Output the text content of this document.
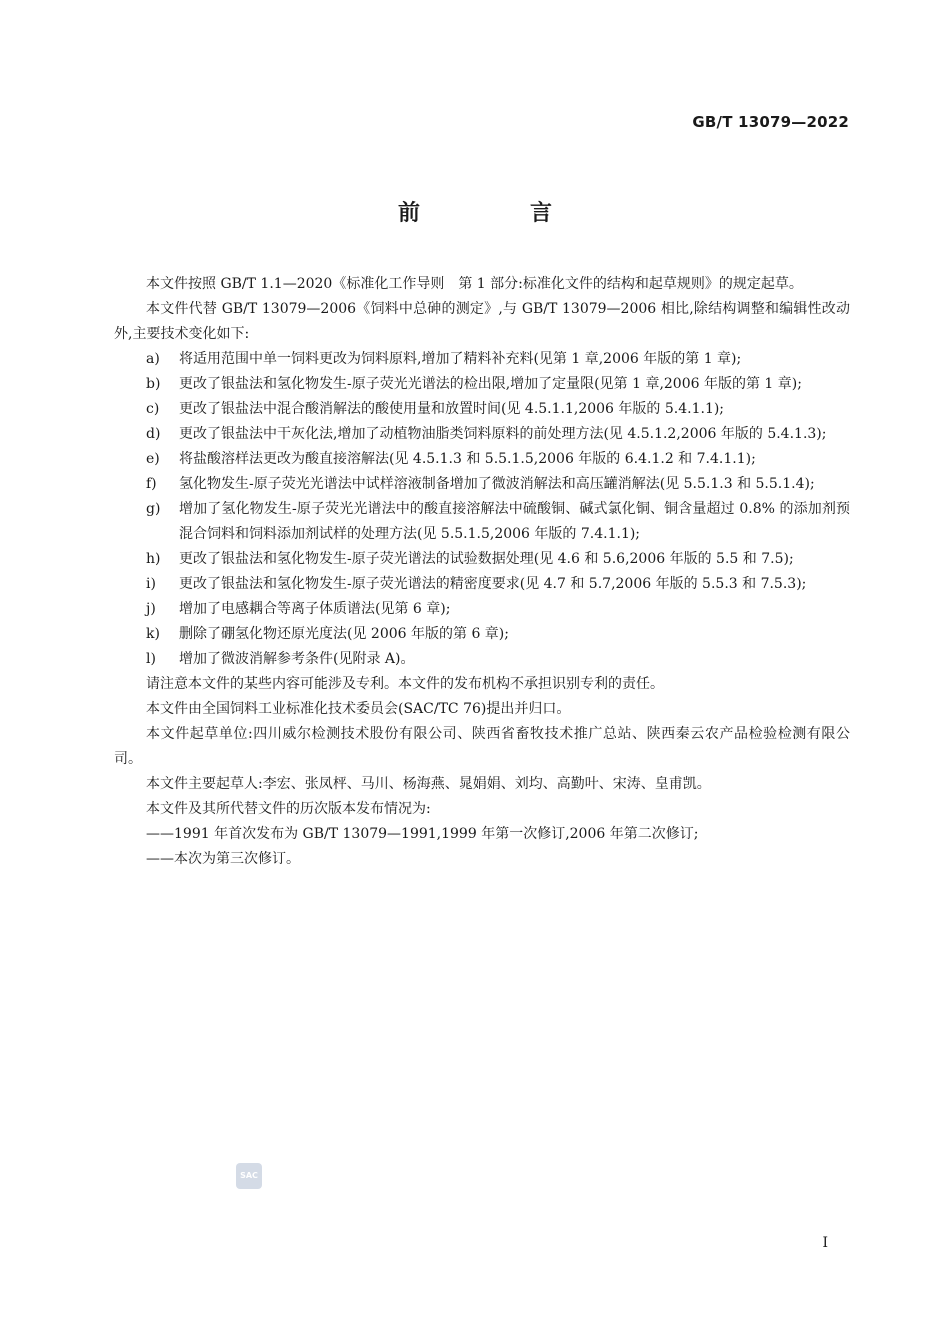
GB/T 13079—2022
前　言

本文件按照 GB/T 1.1—2020《标准化工作导则　第 1 部分:标准化文件的结构和起草规则》的规定起草。

本文件代替 GB/T 13079—2006《饲料中总砷的测定》,与 GB/T 13079—2006 相比,除结构调整和编辑性改动外,主要技术变化如下:

a)	将适用范围中单一饲料更改为饲料原料,增加了精料补充料(见第 1 章,2006 年版的第 1 章);
b)	更改了银盐法和氢化物发生-原子荧光光谱法的检出限,增加了定量限(见第 1 章,2006 年版的第 1 章);
c)	更改了银盐法中混合酸消解法的酸使用量和放置时间(见 4.5.1.1,2006 年版的 5.4.1.1);
d)	更改了银盐法中干灰化法,增加了动植物油脂类饲料原料的前处理方法(见 4.5.1.2,2006 年版的 5.4.1.3);
e)	将盐酸溶样法更改为酸直接溶解法(见 4.5.1.3 和 5.5.1.5,2006 年版的 6.4.1.2 和 7.4.1.1);
f)	氢化物发生-原子荧光光谱法中试样溶液制备增加了微波消解法和高压罐消解法(见 5.5.1.3 和 5.5.1.4);
g)	增加了氢化物发生-原子荧光光谱法中的酸直接溶解法中硫酸铜、碱式氯化铜、铜含量超过 0.8% 的添加剂预混合饲料和饲料添加剂试样的处理方法(见 5.5.1.5,2006 年版的 7.4.1.1);
h)	更改了银盐法和氢化物发生-原子荧光谱法的试验数据处理(见 4.6 和 5.6,2006 年版的 5.5 和 7.5);
i)	更改了银盐法和氢化物发生-原子荧光谱法的精密度要求(见 4.7 和 5.7,2006 年版的 5.5.3 和 7.5.3);
j)	增加了电感耦合等离子体质谱法(见第 6 章);
k)	删除了硼氢化物还原光度法(见 2006 年版的第 6 章);
l)	增加了微波消解参考条件(见附录 A)。

请注意本文件的某些内容可能涉及专利。本文件的发布机构不承担识别专利的责任。

本文件由全国饲料工业标准化技术委员会(SAC/TC 76)提出并归口。

本文件起草单位:四川威尔检测技术股份有限公司、陕西省畜牧技术推广总站、陕西秦云农产品检验检测有限公司。

本文件主要起草人:李宏、张凤枰、马川、杨海燕、晁娟娟、刘均、高勤叶、宋涛、皇甫凯。

本文件及其所代替文件的历次版本发布情况为:

——1991 年首次发布为 GB/T 13079—1991,1999 年第一次修订,2006 年第二次修订;

——本次为第三次修订。

SAC
I
